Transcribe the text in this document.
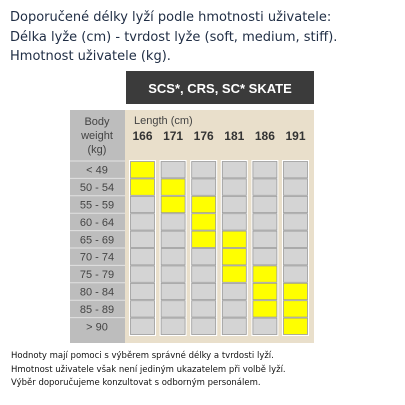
Doporučené délky lyží podle hmotnosti uživatele:
Délka lyže (cm) - tvrdost lyže (soft, medium, stiff).
Hmotnost uživatele (kg).
SCS*, CRS, SC* SKATE
Body
weight
(kg)
Length (cm)
166 171 176 181 186 191
< 49
50 - 54
55 - 59
60 - 64
65 - 69
70 - 74
75 - 79
80 - 84
85 - 89
> 90
Hodnoty mají pomoci s výběrem správné délky a tvrdosti lyží.
Hmotnost uživatele však není jediným ukazatelem při volbě lyží.
Výběr doporučujeme konzultovat s odborným personálem.
